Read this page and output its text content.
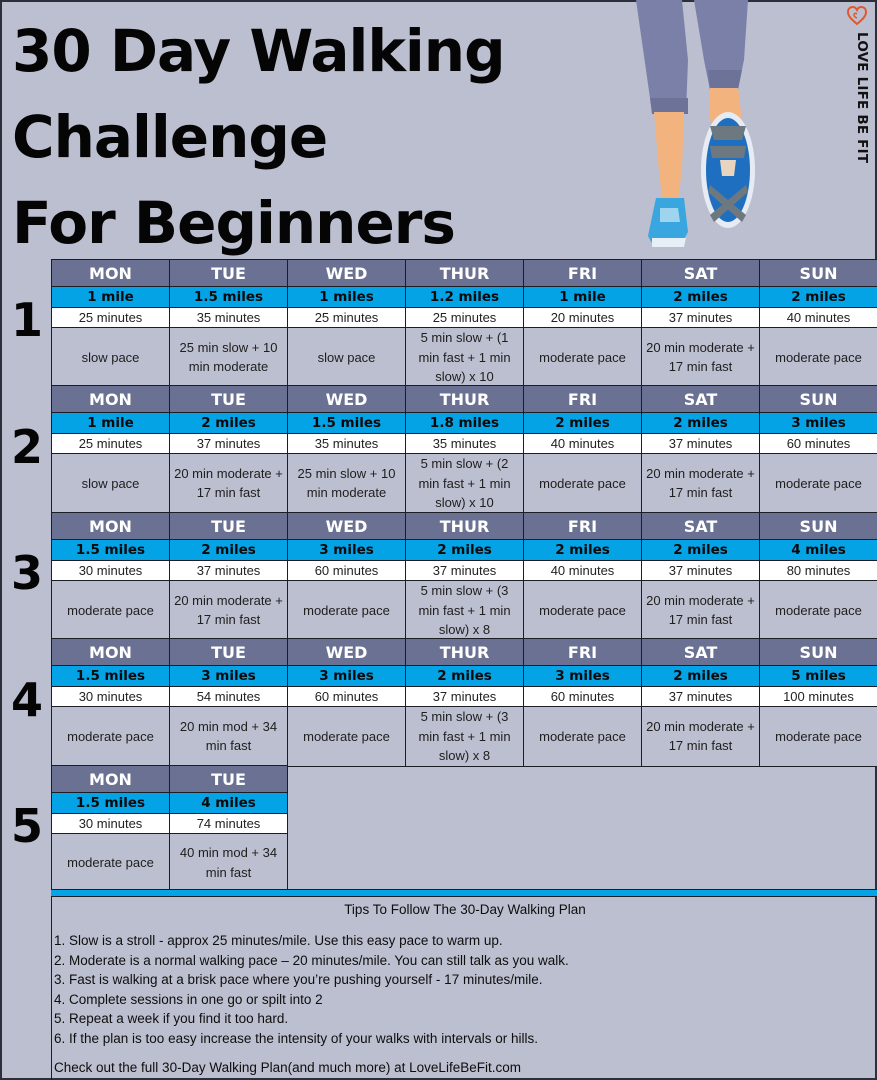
30 Day Walking
Challenge
For Beginners
LOVE LIFE BE FIT
1
2
3
4
5
MON	TUE	WED	THUR	FRI	SAT	SUN
1 mile	1.5 miles	1 miles	1.2 miles	1 mile	2 miles	2 miles
25 minutes	35 minutes	25 minutes	25 minutes	20 minutes	37 minutes	40 minutes
slow pace	25 min slow + 10 min moderate	slow pace	5 min slow + (1 min fast + 1 min slow) x 10	moderate pace	20 min moderate + 17 min fast	moderate pace
MON	TUE	WED	THUR	FRI	SAT	SUN
1 mile	2 miles	1.5 miles	1.8 miles	2 miles	2 miles	3 miles
25 minutes	37 minutes	35 minutes	35 minutes	40 minutes	37 minutes	60 minutes
slow pace	20 min moderate + 17 min fast	25 min slow + 10 min moderate	5 min slow + (2 min fast + 1 min slow) x 10	moderate pace	20 min moderate + 17 min fast	moderate pace
MON	TUE	WED	THUR	FRI	SAT	SUN
1.5 miles	2 miles	3 miles	2 miles	2 miles	2 miles	4 miles
30 minutes	37 minutes	60 minutes	37 minutes	40 minutes	37 minutes	80 minutes
moderate pace	20 min moderate + 17 min fast	moderate pace	5 min slow + (3 min fast + 1 min slow) x 8	moderate pace	20 min moderate + 17 min fast	moderate pace
MON	TUE	WED	THUR	FRI	SAT	SUN
1.5 miles	3 miles	3 miles	2 miles	3 miles	2 miles	5 miles
30 minutes	54 minutes	60 minutes	37 minutes	60 minutes	37 minutes	100 minutes
moderate pace	20 min mod + 34 min fast	moderate pace	5 min slow + (3 min fast + 1 min slow) x 8	moderate pace	20 min moderate + 17 min fast	moderate pace
MON	TUE
1.5 miles	4 miles
30 minutes	74 minutes
moderate pace	40 min mod + 34 min fast
Tips To Follow The 30-Day Walking Plan
1. Slow is a stroll - approx 25 minutes/mile. Use this easy pace to warm up.
2. Moderate is a normal walking pace – 20 minutes/mile. You can still talk as you walk.
3. Fast is walking at a brisk pace where you’re pushing yourself - 17 minutes/mile.
4. Complete sessions in one go or spilt into 2
5. Repeat a week if you find it too hard.
6. If the plan is too easy increase the intensity of your walks with intervals or hills.
Check out the full 30-Day Walking Plan(and much more) at LoveLifeBeFit.com
